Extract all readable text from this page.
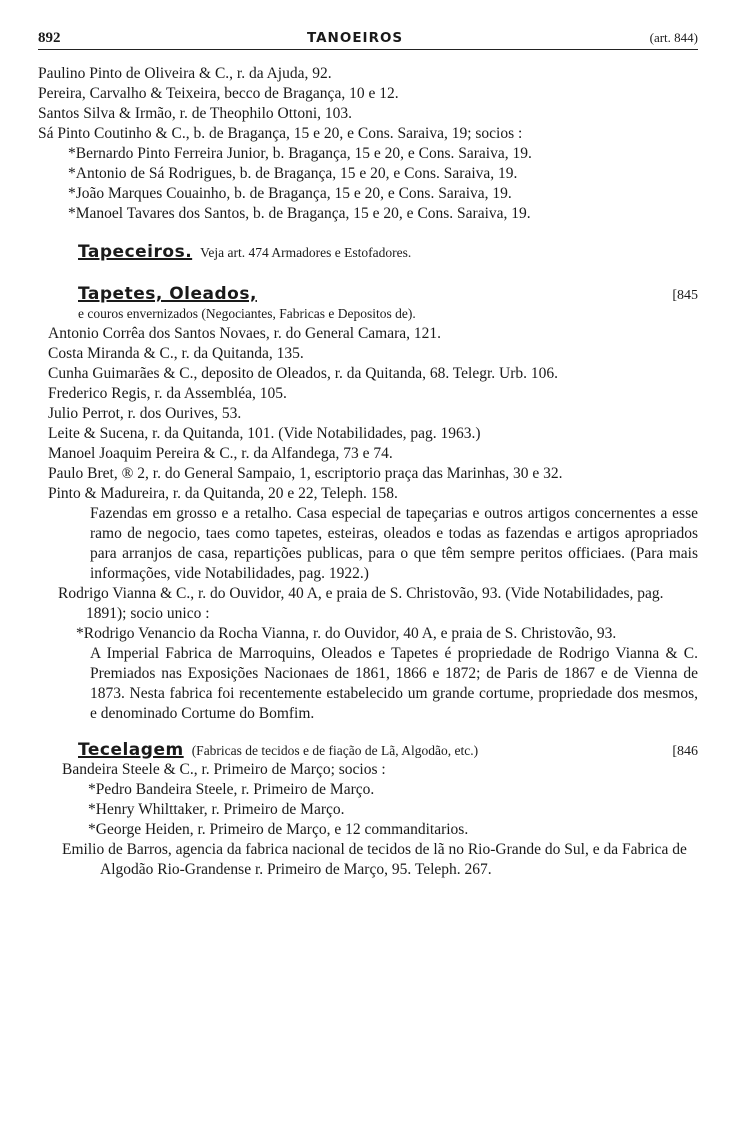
892	TANOEIROS	(art. 844)
Paulino Pinto de Oliveira & C., r. da Ajuda, 92.
Pereira, Carvalho & Teixeira, becco de Bragança, 10 e 12.
Santos Silva & Irmão, r. de Theophilo Ottoni, 103.
Sá Pinto Coutinho & C., b. de Bragança, 15 e 20, e Cons. Saraiva, 19; socios :
*Bernardo Pinto Ferreira Junior, b. Bragança, 15 e 20, e Cons. Saraiva, 19.
*Antonio de Sá Rodrigues, b. de Bragança, 15 e 20, e Cons. Saraiva, 19.
*João Marques Couainho, b. de Bragança, 15 e 20, e Cons. Saraiva, 19.
*Manoel Tavares dos Santos, b. de Bragança, 15 e 20, e Cons. Saraiva, 19.
Tapeceiros. Veja art. 474 Armadores e Estofadores.
Tapetes, Oleados,	[845
e couros envernizados (Negociantes, Fabricas e Depositos de).
Antonio Corrêa dos Santos Novaes, r. do General Camara, 121.
Costa Miranda & C., r. da Quitanda, 135.
Cunha Guimarães & C., deposito de Oleados, r. da Quitanda, 68. Telegr. Urb. 106.
Frederico Regis, r. da Assembléa, 105.
Julio Perrot, r. dos Ourives, 53.
Leite & Sucena, r. da Quitanda, 101. (Vide Notabilidades, pag. 1963.)
Manoel Joaquim Pereira & C., r. da Alfandega, 73 e 74.
Paulo Bret, ® 2, r. do General Sampaio, 1, escriptorio praça das Marinhas, 30 e 32.
Pinto & Madureira, r. da Quitanda, 20 e 22, Teleph. 158.
Fazendas em grosso e a retalho. Casa especial de tapeçarias e outros artigos concernentes a esse ramo de negocio, taes como tapetes, esteiras, oleados e todas as fazendas e artigos apropriados para arranjos de casa, repartições publicas, para o que têm sempre peritos officiaes. (Para mais informações, vide Notabilidades, pag. 1922.)
Rodrigo Vianna & C., r. do Ouvidor, 40 A, e praia de S. Christovão, 93. (Vide Notabilidades, pag. 1891); socio unico :
*Rodrigo Venancio da Rocha Vianna, r. do Ouvidor, 40 A, e praia de S. Christovão, 93.
A Imperial Fabrica de Marroquins, Oleados e Tapetes é propriedade de Rodrigo Vianna & C. Premiados nas Exposições Nacionaes de 1861, 1866 e 1872; de Paris de 1867 e de Vienna de 1873. Nesta fabrica foi recentemente estabelecido um grande cortume, propriedade dos mesmos, e denominado Cortume do Bomfim.
Tecelagem (Fabricas de tecidos e de fiação de Lã, Algodão, etc.)	[846
Bandeira Steele & C., r. Primeiro de Março; socios :
*Pedro Bandeira Steele, r. Primeiro de Março.
*Henry Whilttaker, r. Primeiro de Março.
*George Heiden, r. Primeiro de Março, e 12 commanditarios.
Emilio de Barros, agencia da fabrica nacional de tecidos de lã no Rio-Grande do Sul, e da Fabrica de Algodão Rio-Grandense r. Primeiro de Março, 95. Teleph. 267.
